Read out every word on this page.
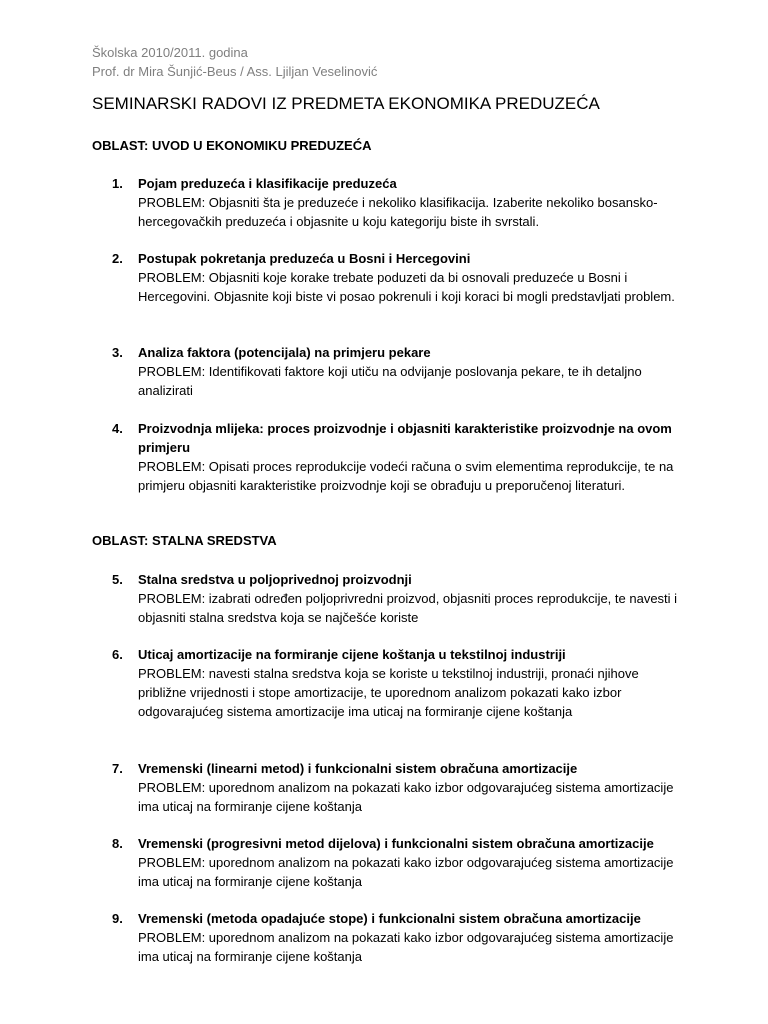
Školska 2010/2011. godina
Prof. dr Mira Šunjić-Beus / Ass. Ljiljan Veselinović
SEMINARSKI RADOVI IZ PREDMETA EKONOMIKA PREDUZEĆA
OBLAST: UVOD U EKONOMIKU PREDUZEĆA
1. Pojam preduzeća i klasifikacije preduzeća
PROBLEM: Objasniti šta je preduzeće i nekoliko klasifikacija. Izaberite nekoliko bosansko-hercegovačkih preduzeća i objasnite u koju kategoriju biste ih svrstali.
2. Postupak pokretanja preduzeća u Bosni i Hercegovini
PROBLEM: Objasniti koje korake trebate poduzeti da bi osnovali preduzeće u Bosni i Hercegovini. Objasnite koji biste vi posao pokrenuli i koji koraci bi mogli predstavljati problem.
3. Analiza faktora (potencijala) na primjeru pekare
PROBLEM: Identifikovati faktore koji utiču na odvijanje poslovanja pekare, te ih detaljno analizirati
4. Proizvodnja mlijeka: proces proizvodnje i objasniti karakteristike proizvodnje na ovom primjeru
PROBLEM: Opisati proces reprodukcije vodeći računa o svim elementima reprodukcije, te na primjeru objasniti karakteristike proizvodnje koji se obrađuju u preporučenoj literaturi.
OBLAST: STALNA SREDSTVA
5. Stalna sredstva u poljoprivednoj proizvodnji
PROBLEM: izabrati određen poljoprivredni proizvod, objasniti proces reprodukcije, te navesti i objasniti stalna sredstva koja se najčešće koriste
6. Uticaj amortizacije na formiranje cijene koštanja u tekstilnoj industriji
PROBLEM: navesti stalna sredstva koja se koriste u tekstilnoj industriji, pronaći njihove približne vrijednosti i stope amortizacije, te uporednom analizom pokazati kako izbor odgovarajućeg sistema amortizacije ima uticaj na formiranje cijene koštanja
7. Vremenski (linearni metod) i funkcionalni sistem obračuna amortizacije
PROBLEM: uporednom analizom na pokazati kako izbor odgovarajućeg sistema amortizacije ima uticaj na formiranje cijene koštanja
8. Vremenski (progresivni metod dijelova) i funkcionalni sistem obračuna amortizacije
PROBLEM: uporednom analizom na pokazati kako izbor odgovarajućeg sistema amortizacije ima uticaj na formiranje cijene koštanja
9. Vremenski (metoda opadajuće stope) i funkcionalni sistem obračuna amortizacije
PROBLEM: uporednom analizom na pokazati kako izbor odgovarajućeg sistema amortizacije ima uticaj na formiranje cijene koštanja
